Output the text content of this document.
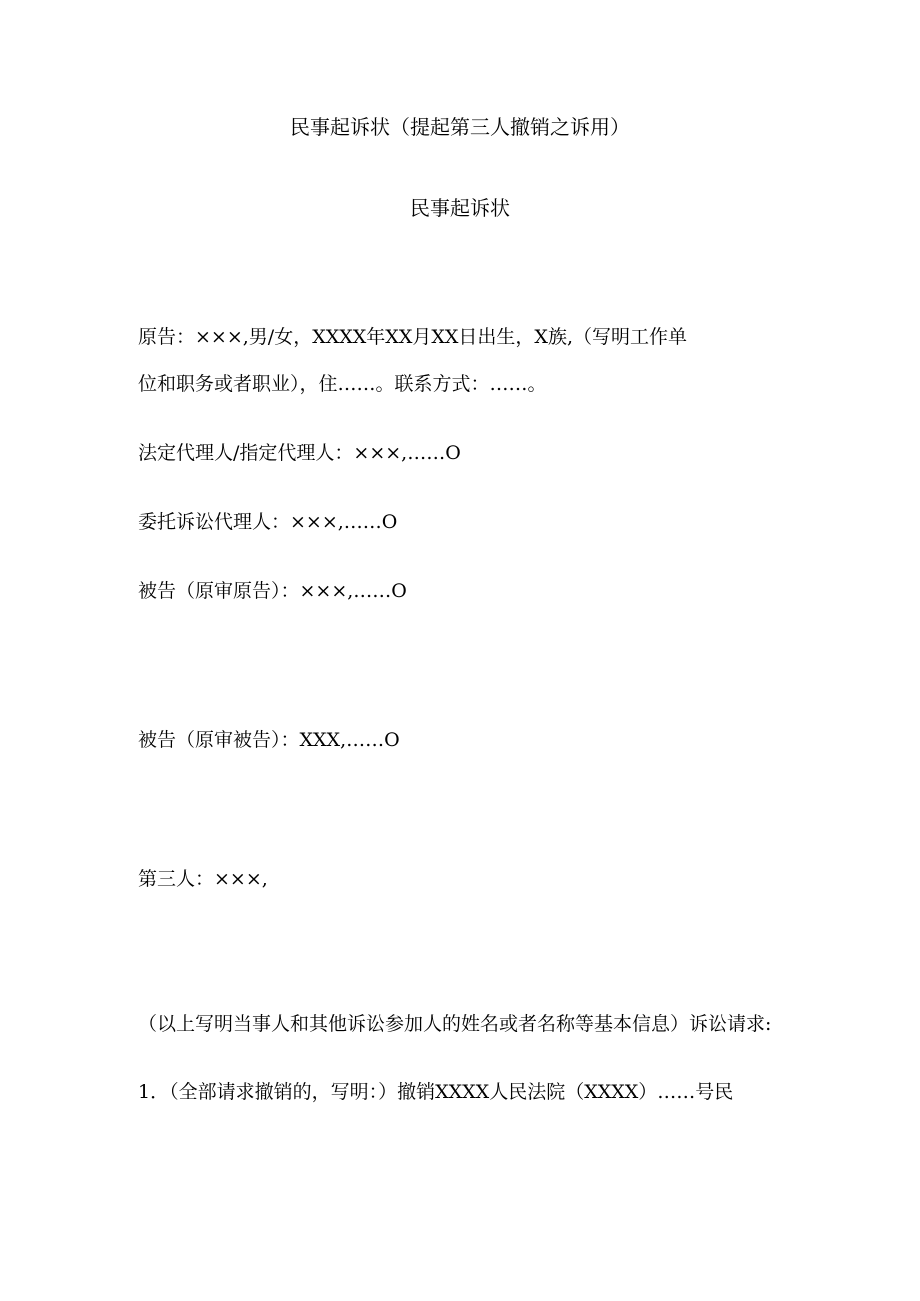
民事起诉状（提起第三人撤销之诉用）
民事起诉状

原告：×××,男/女，XXXX年XX月XX日出生，X族,（写明工作单

位和职务或者职业），住……。联系方式：……。

法定代理人/指定代理人：×××,……O

委托诉讼代理人：×××,……O

被告（原审原告）：×××,……O

被告（原审被告）：XXX,……O

第三人：×××,

（以上写明当事人和其他诉讼参加人的姓名或者名称等基本信息）诉讼请求:

1．（全部请求撤销的，写明：）撤销XXXX人民法院（XXXX）……号民
